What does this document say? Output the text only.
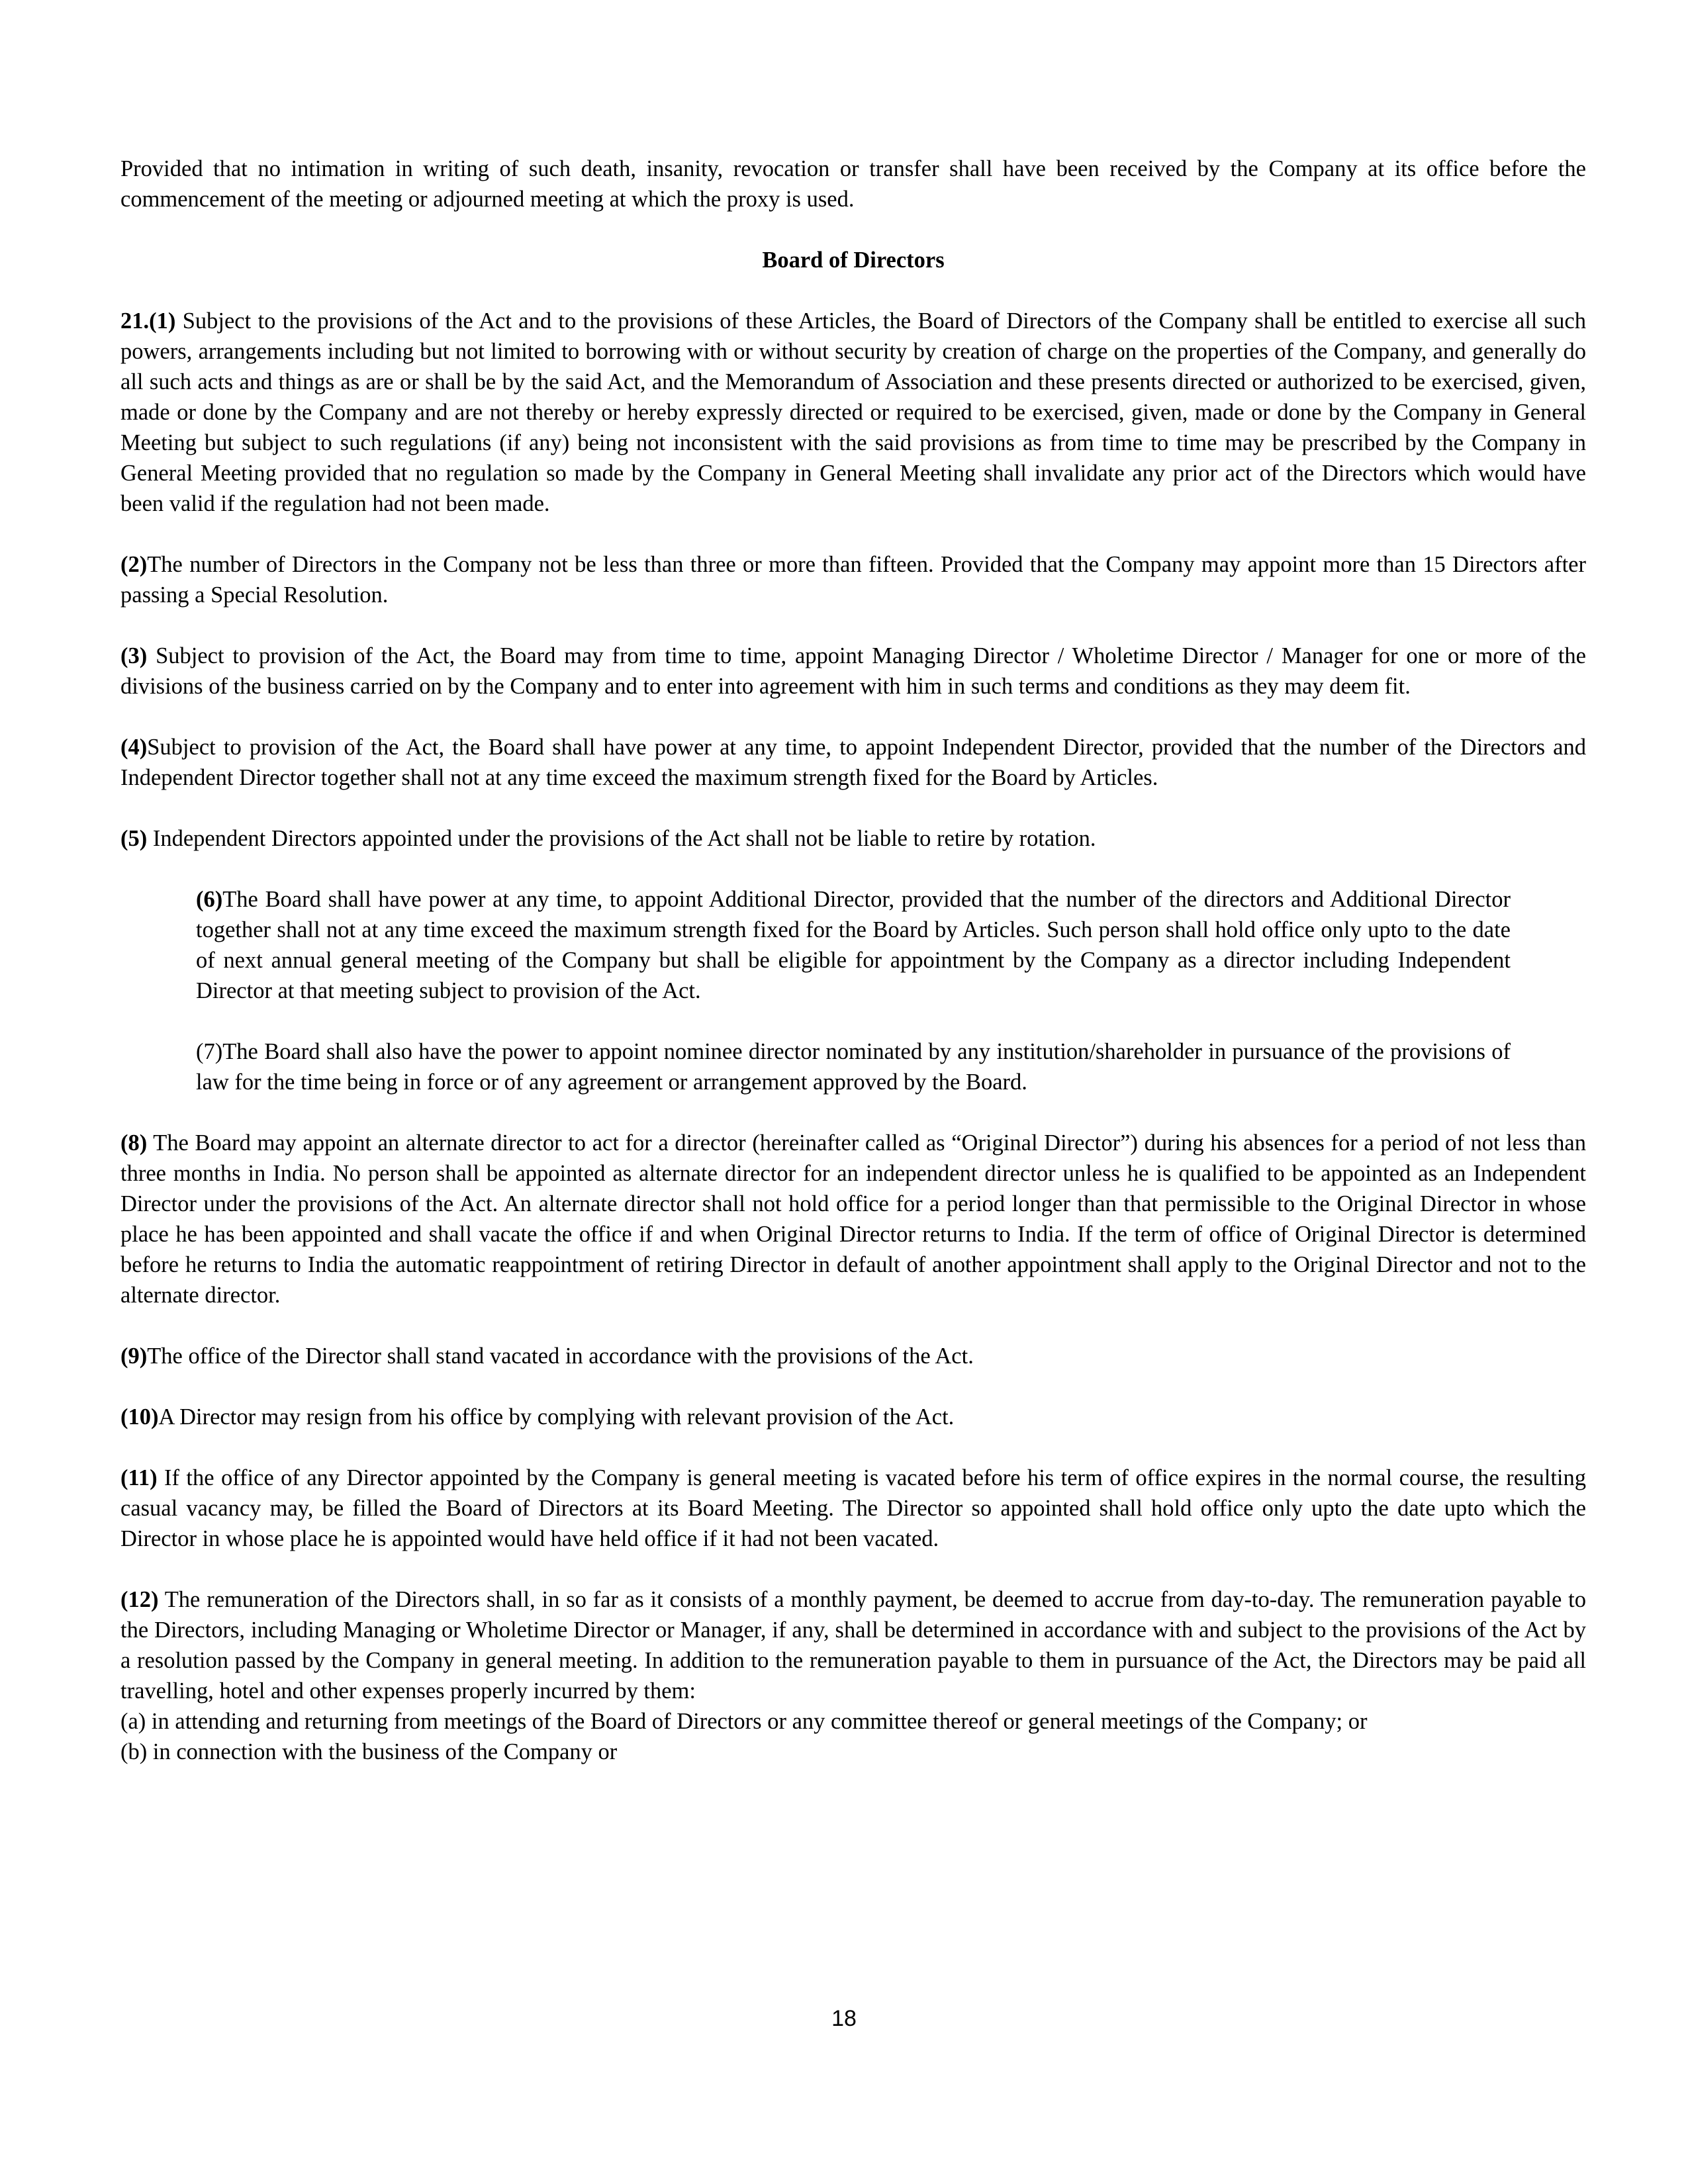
Provided that no intimation in writing of such death, insanity, revocation or transfer shall have been received by the Company at its office before the commencement of the meeting or adjourned meeting at which the proxy is used.

Board of Directors

21.(1) Subject to the provisions of the Act and to the provisions of these Articles, the Board of Directors of the Company shall be entitled to exercise all such powers, arrangements including but not limited to borrowing with or without security by creation of charge on the properties of the Company, and generally do all such acts and things as are or shall be by the said Act, and the Memorandum of Association and these presents directed or authorized to be exercised, given, made or done by the Company and are not thereby or hereby expressly directed or required to be exercised, given, made or done by the Company in General Meeting but subject to such regulations (if any) being not inconsistent with the said provisions as from time to time may be prescribed by the Company in General Meeting provided that no regulation so made by the Company in General Meeting shall invalidate any prior act of the Directors which would have been valid if the regulation had not been made.

(2)The number of Directors in the Company not be less than three or more than fifteen. Provided that the Company may appoint more than 15 Directors after passing a Special Resolution.

(3) Subject to provision of the Act, the Board may from time to time, appoint Managing Director / Wholetime Director / Manager for one or more of the divisions of the business carried on by the Company and to enter into agreement with him in such terms and conditions as they may deem fit.

(4)Subject to provision of the Act, the Board shall have power at any time, to appoint Independent Director, provided that the number of the Directors and Independent Director together shall not at any time exceed the maximum strength fixed for the Board by Articles.

(5) Independent Directors appointed under the provisions of the Act shall not be liable to retire by rotation.

(6)The Board shall have power at any time, to appoint Additional Director, provided that the number of the directors and Additional Director together shall not at any time exceed the maximum strength fixed for the Board by Articles. Such person shall hold office only upto to the date of next annual general meeting of the Company but shall be eligible for appointment by the Company as a director including Independent Director at that meeting subject to provision of the Act.

(7)The Board shall also have the power to appoint nominee director nominated by any institution/shareholder in pursuance of the provisions of law for the time being in force or of any agreement or arrangement approved by the Board.

(8) The Board may appoint an alternate director to act for a director (hereinafter called as “Original Director”) during his absences for a period of not less than three months in India. No person shall be appointed as alternate director for an independent director unless he is qualified to be appointed as an Independent Director under the provisions of the Act. An alternate director shall not hold office for a period longer than that permissible to the Original Director in whose place he has been appointed and shall vacate the office if and when Original Director returns to India. If the term of office of Original Director is determined before he returns to India the automatic reappointment of retiring Director in default of another appointment shall apply to the Original Director and not to the alternate director.

(9)The office of the Director shall stand vacated in accordance with the provisions of the Act.

(10)A Director may resign from his office by complying with relevant provision of the Act.

(11) If the office of any Director appointed by the Company is general meeting is vacated before his term of office expires in the normal course, the resulting casual vacancy may, be filled the Board of Directors at its Board Meeting. The Director so appointed shall hold office only upto the date upto which the Director in whose place he is appointed would have held office if it had not been vacated.

(12) The remuneration of the Directors shall, in so far as it consists of a monthly payment, be deemed to accrue from day-to-day. The remuneration payable to the Directors, including Managing or Wholetime Director or Manager, if any, shall be determined in accordance with and subject to the provisions of the Act by a resolution passed by the Company in general meeting. In addition to the remuneration payable to them in pursuance of the Act, the Directors may be paid all travelling, hotel and other expenses properly incurred by them:
(a) in attending and returning from meetings of the Board of Directors or any committee thereof or general meetings of the Company; or
(b) in connection with the business of the Company or
18
